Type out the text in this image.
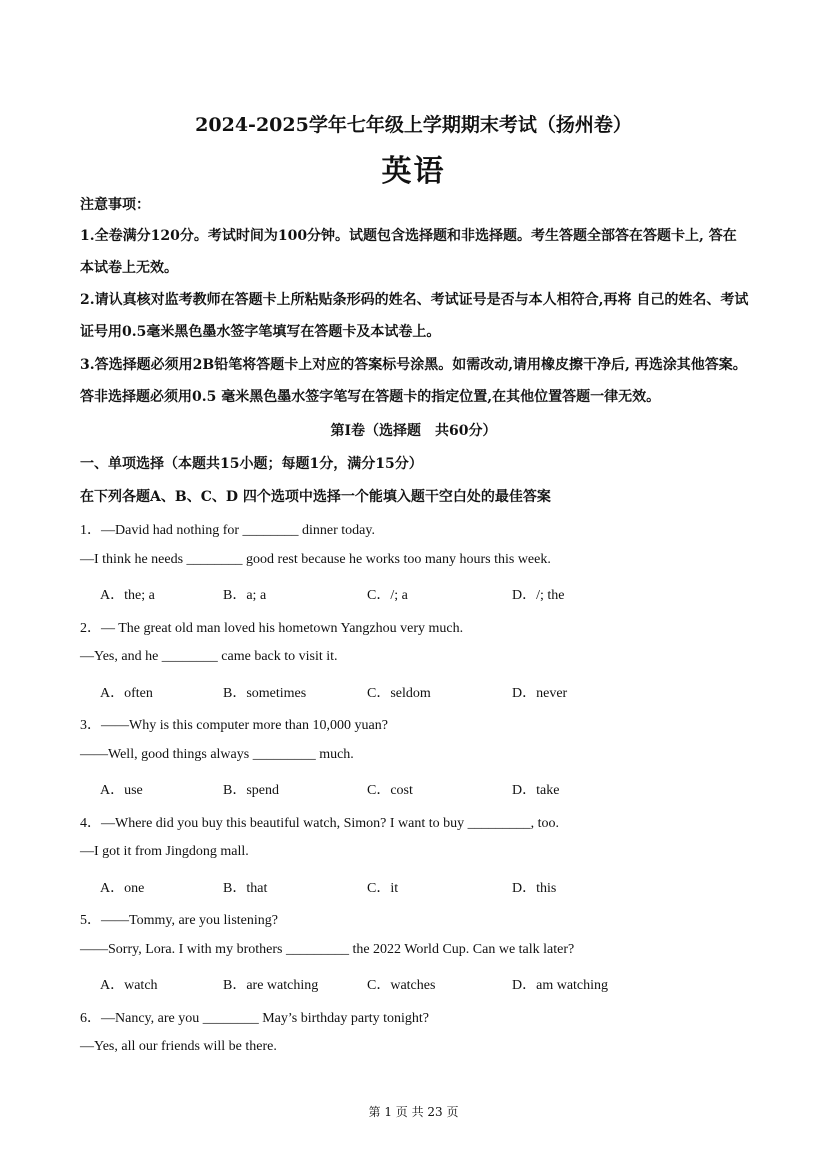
2024-2025学年七年级上学期期末考试（扬州卷）
英语
注意事项：
1.全卷满分120分。考试时间为100分钟。试题包含选择题和非选择题。考生答题全部答在答题卡上, 答在本试卷上无效。
2.请认真核对监考教师在答题卡上所粘贴条形码的姓名、考试证号是否与本人相符合,再将 自己的姓名、考试证号用0.5毫米黑色墨水签字笔填写在答题卡及本试卷上。
3.答选择题必须用2B铅笔将答题卡上对应的答案标号涂黑。如需改动,请用橡皮擦干净后, 再选涂其他答案。答非选择题必须用0.5 毫米黑色墨水签字笔写在答题卡的指定位置,在其他位置答题一律无效。
第I卷（选择题　共60分）
一、单项选择（本题共15小题；每题1分，满分15分）
在下列各题A、B、C、D 四个选项中选择一个能填入题干空白处的最佳答案
1．—David had nothing for ________ dinner today.
—I think he needs ________ good rest because he works too many hours this week.
A．the; a	B．a; a	C．/; a	D．/; the
2．— The great old man loved his hometown Yangzhou very much.
—Yes, and he ________ came back to visit it.
A．often	B．sometimes	C．seldom	D．never
3．——Why is this computer more than 10,000 yuan?
——Well, good things always _________ much.
A．use	B．spend	C．cost	D．take
4．—Where did you buy this beautiful watch, Simon? I want to buy _________, too.
—I got it from Jingdong mall.
A．one	B．that	C．it	D．this
5．——Tommy, are you listening?
——Sorry, Lora. I with my brothers _________ the 2022 World Cup. Can we talk later?
A．watch	B．are watching	C．watches	D．am watching
6．—Nancy, are you ________ May’s birthday party tonight?
—Yes, all our friends will be there.
第 1 页 共 23 页
